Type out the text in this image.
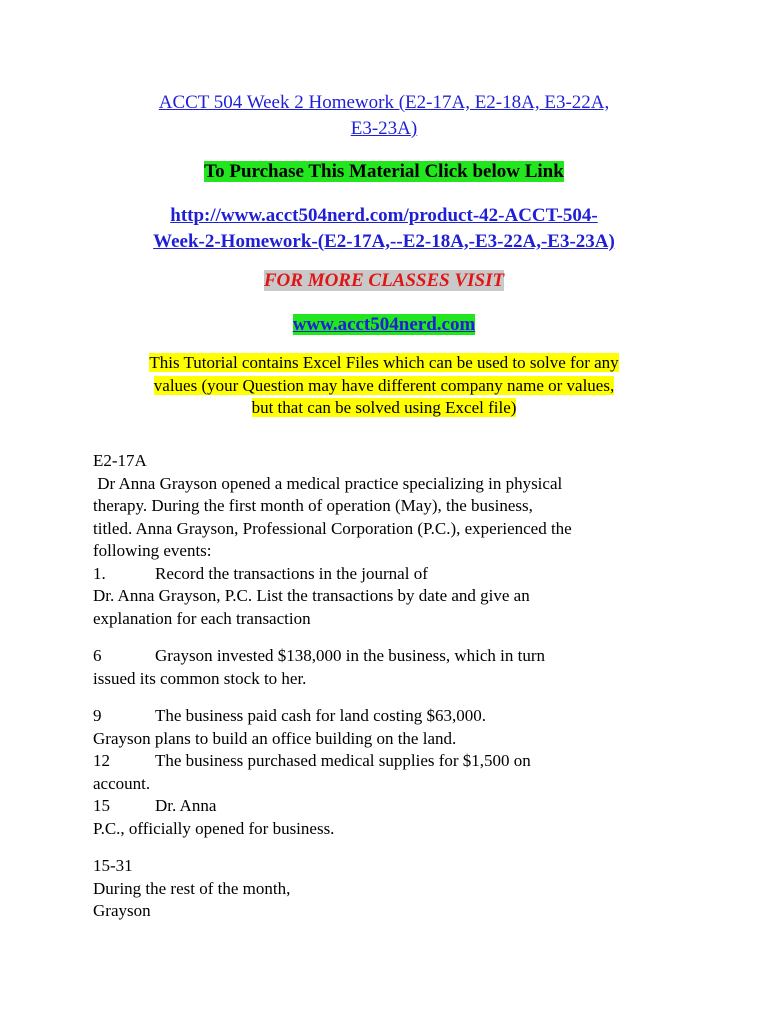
ACCT 504 Week 2 Homework (E2-17A, E2-18A, E3-22A,
E3-23A)
To Purchase This Material Click below Link
http://www.acct504nerd.com/product-42-ACCT-504-
Week-2-Homework-(E2-17A,--E2-18A,-E3-22A,-E3-23A)
FOR MORE CLASSES VISIT
www.acct504nerd.com
This Tutorial contains Excel Files which can be used to solve for any
values (your Question may have different company name or values,
but that can be solved using Excel file)
E2-17A
Dr Anna Grayson opened a medical practice specializing in physical
therapy. During the first month of operation (May), the business,
titled. Anna Grayson, Professional Corporation (P.C.), experienced the
following events:
1.	Record the transactions in the journal of
Dr. Anna Grayson, P.C. List the transactions by date and give an
explanation for each transaction
6	Grayson invested $138,000 in the business, which in turn
issued its common stock to her.
9	The business paid cash for land costing $63,000.
Grayson plans to build an office building on the land.
12	The business purchased medical supplies for $1,500 on
account.
15	Dr. Anna
P.C., officially opened for business.
15-31
During the rest of the month,
Grayson
